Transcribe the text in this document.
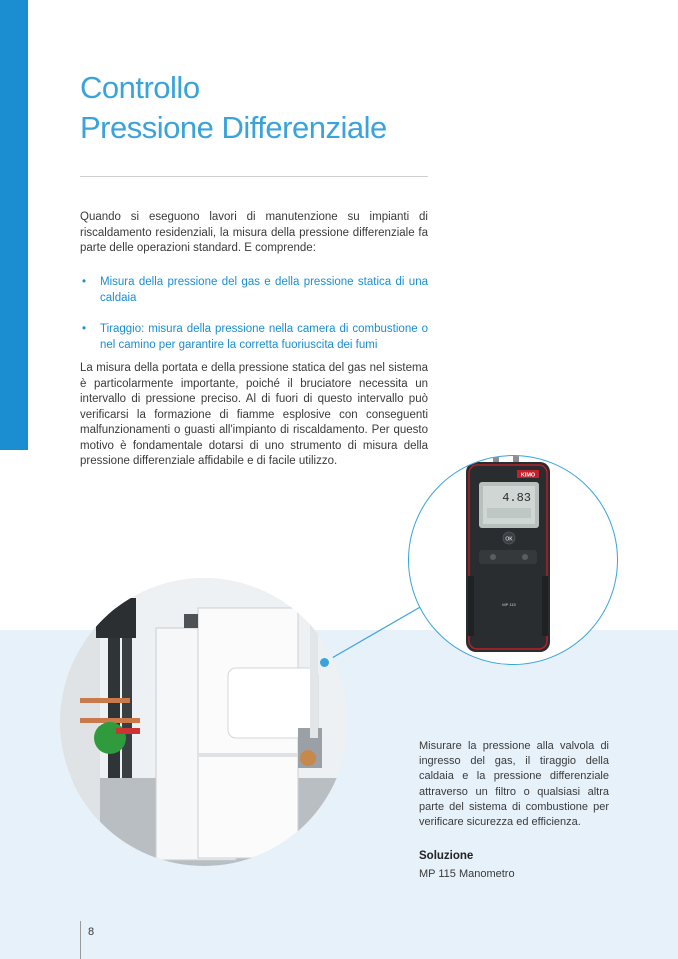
Controllo
Pressione Differenziale

Quando si eseguono lavori di manutenzione su impianti di riscaldamento residenziali, la misura della pressione differenziale fa parte delle operazioni standard. E comprende:

• Misura della pressione del gas e della pressione statica di una caldaia
• Tiraggio: misura della pressione nella camera di combustione o nel camino per garantire la corretta fuoriuscita dei fumi

La misura della portata e della pressione statica del gas nel sistema è particolarmente importante, poiché il bruciatore necessita un intervallo di pressione preciso. Al di fuori di questo intervallo può verificarsi la formazione di fiamme esplosive con conseguenti malfunzionamenti o guasti all'impianto di riscaldamento. Per questo motivo è fondamentale dotarsi di uno strumento di misura della pressione differenziale affidabile e di facile utilizzo.

KIMO
4.83
OK
MP 115

Misurare la pressione alla valvola di ingresso del gas, il tiraggio della caldaia e la pressione differenziale attraverso un filtro o qualsiasi altra parte del sistema di combustione per verificare sicurezza ed efficienza.

Soluzione
MP 115 Manometro
8
